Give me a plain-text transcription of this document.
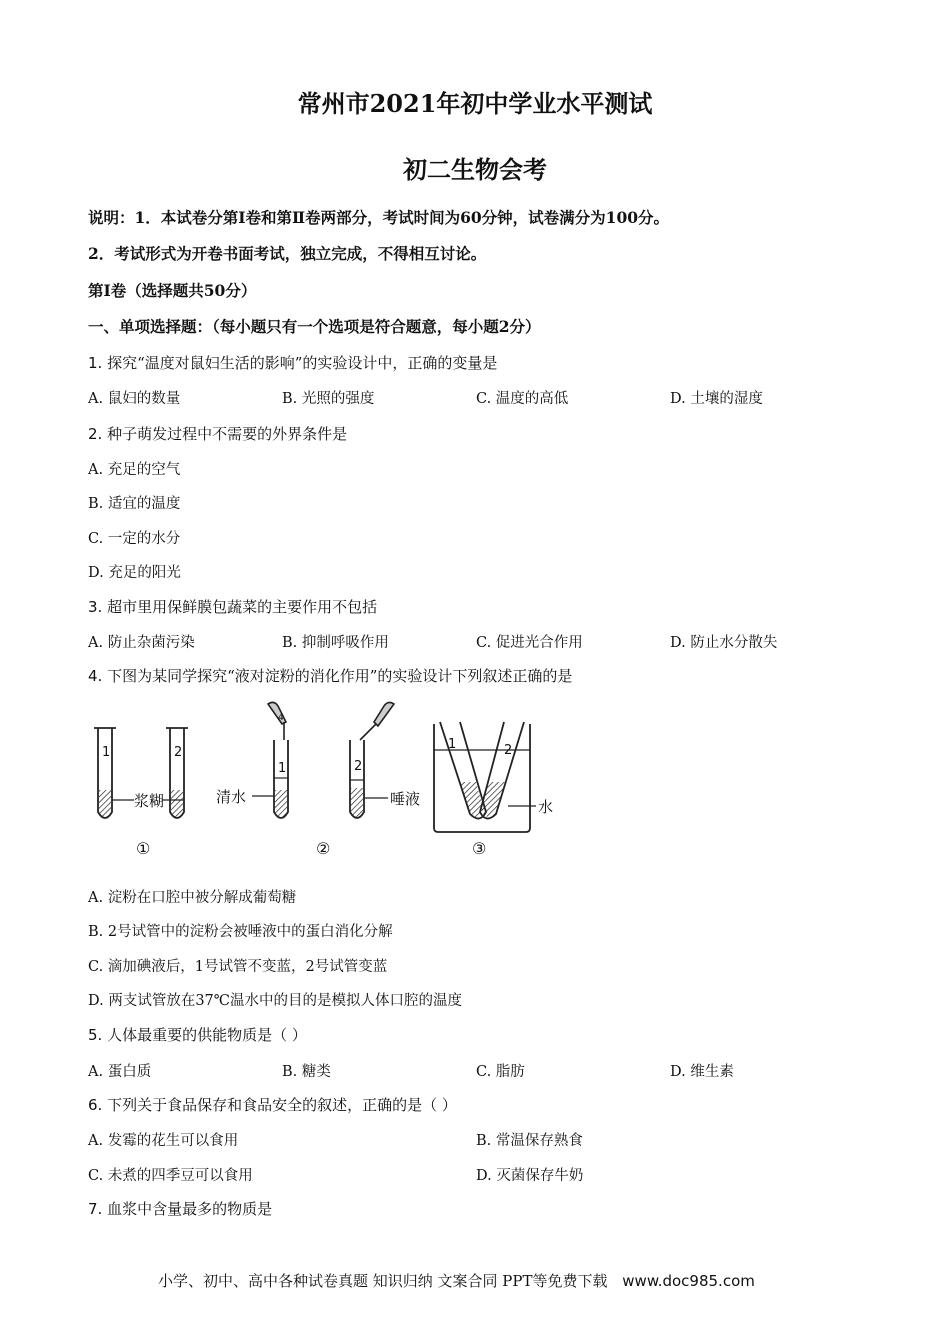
常州市2021年初中学业水平测试
初二生物会考
说明：1．本试卷分第Ⅰ卷和第Ⅱ卷两部分，考试时间为60分钟，试卷满分为100分。
2．考试形式为开卷书面考试，独立完成，不得相互讨论。
第Ⅰ卷（选择题共50分）
一、单项选择题：（每小题只有一个选项是符合题意，每小题2分）
1. 探究“温度对鼠妇生活的影响”的实验设计中，正确的变量是
A. 鼠妇的数量	B. 光照的强度	C. 温度的高低	D. 土壤的湿度
2. 种子萌发过程中不需要的外界条件是
A. 充足的空气
B. 适宜的温度
C. 一定的水分
D. 充足的阳光
3. 超市里用保鲜膜包蔬菜的主要作用不包括
A. 防止杂菌污染	B. 抑制呼吸作用	C. 促进光合作用	D. 防止水分散失
4. 下图为某同学探究“液对淀粉的消化作用”的实验设计下列叙述正确的是
1	2
4
1	2
1	2
浆糊	清水	唾液	水
①	②	③
A. 淀粉在口腔中被分解成葡萄糖
B. 2号试管中的淀粉会被唾液中的蛋白消化分解
C. 滴加碘液后，1号试管不变蓝，2号试管变蓝
D. 两支试管放在37℃温水中的目的是模拟人体口腔的温度
5. 人体最重要的供能物质是（ ）
A. 蛋白质	B. 糖类	C. 脂肪	D. 维生素
6. 下列关于食品保存和食品安全的叙述，正确的是（ ）
A. 发霉的花生可以食用	B. 常温保存熟食
C. 未煮的四季豆可以食用	D. 灭菌保存牛奶
7. 血浆中含量最多的物质是
小学、初中、高中各种试卷真题 知识归纳 文案合同 PPT等免费下载 www.doc985.com
